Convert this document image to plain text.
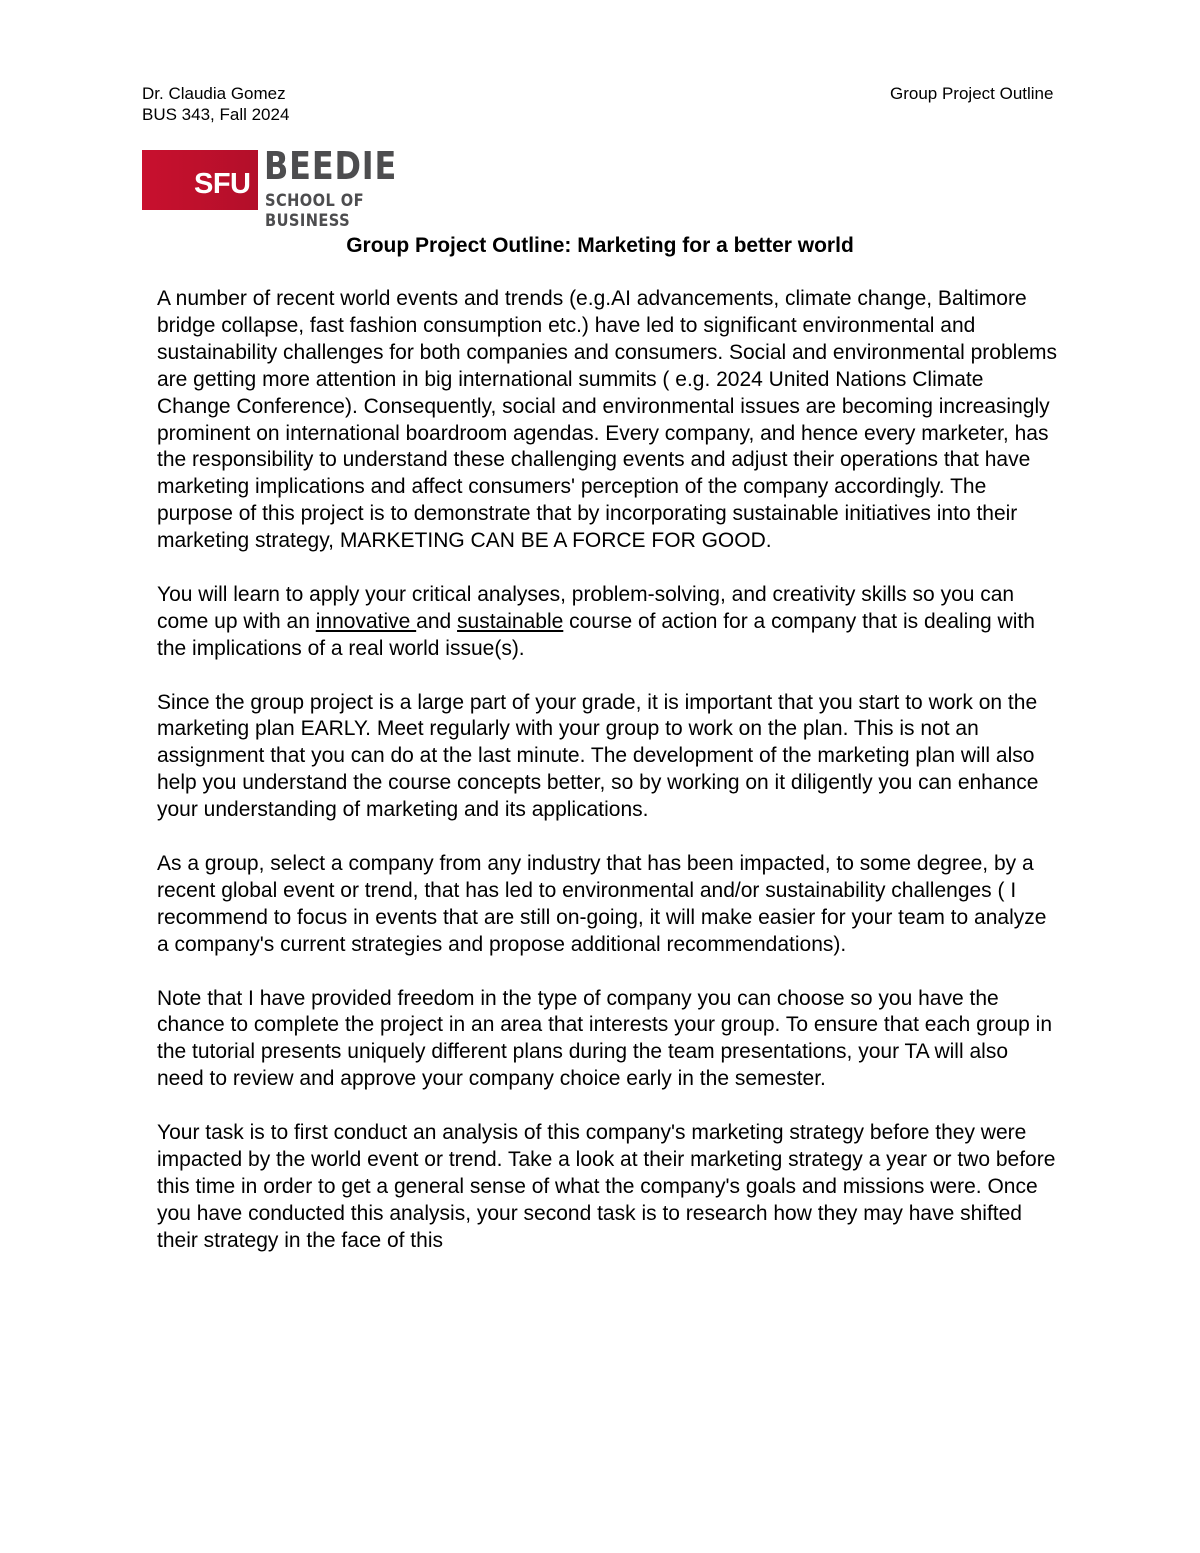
Dr. Claudia Gomez
BUS 343, Fall 2024
Group Project Outline
SFU BEEDIE
SCHOOL OF BUSINESS
Group Project Outline: Marketing for a better world

A number of recent world events and trends (e.g.AI advancements, climate change, Baltimore bridge collapse, fast fashion consumption etc.) have led to significant environmental and sustainability challenges for both companies and consumers. Social and environmental problems are getting more attention in big international summits ( e.g. 2024 United Nations Climate Change Conference). Consequently, social and environmental issues are becoming increasingly prominent on international boardroom agendas. Every company, and hence every marketer, has the responsibility to understand these challenging events and adjust their operations that have marketing implications and affect consumers' perception of the company accordingly. The purpose of this project is to demonstrate that by incorporating sustainable initiatives into their marketing strategy, MARKETING CAN BE A FORCE FOR GOOD.

You will learn to apply your critical analyses, problem-solving, and creativity skills so you can come up with an innovative and sustainable course of action for a company that is dealing with the implications of a real world issue(s).

Since the group project is a large part of your grade, it is important that you start to work on the marketing plan EARLY. Meet regularly with your group to work on the plan. This is not an assignment that you can do at the last minute. The development of the marketing plan will also help you understand the course concepts better, so by working on it diligently you can enhance your understanding of marketing and its applications.

As a group, select a company from any industry that has been impacted, to some degree, by a recent global event or trend, that has led to environmental and/or sustainability challenges ( I recommend to focus in events that are still on-going, it will make easier for your team to analyze a company's current strategies and propose additional recommendations).

Note that I have provided freedom in the type of company you can choose so you have the chance to complete the project in an area that interests your group. To ensure that each group in the tutorial presents uniquely different plans during the team presentations, your TA will also need to review and approve your company choice early in the semester.

Your task is to first conduct an analysis of this company's marketing strategy before they were impacted by the world event or trend. Take a look at their marketing strategy a year or two before this time in order to get a general sense of what the company's goals and missions were. Once you have conducted this analysis, your second task is to research how they may have shifted their strategy in the face of this
